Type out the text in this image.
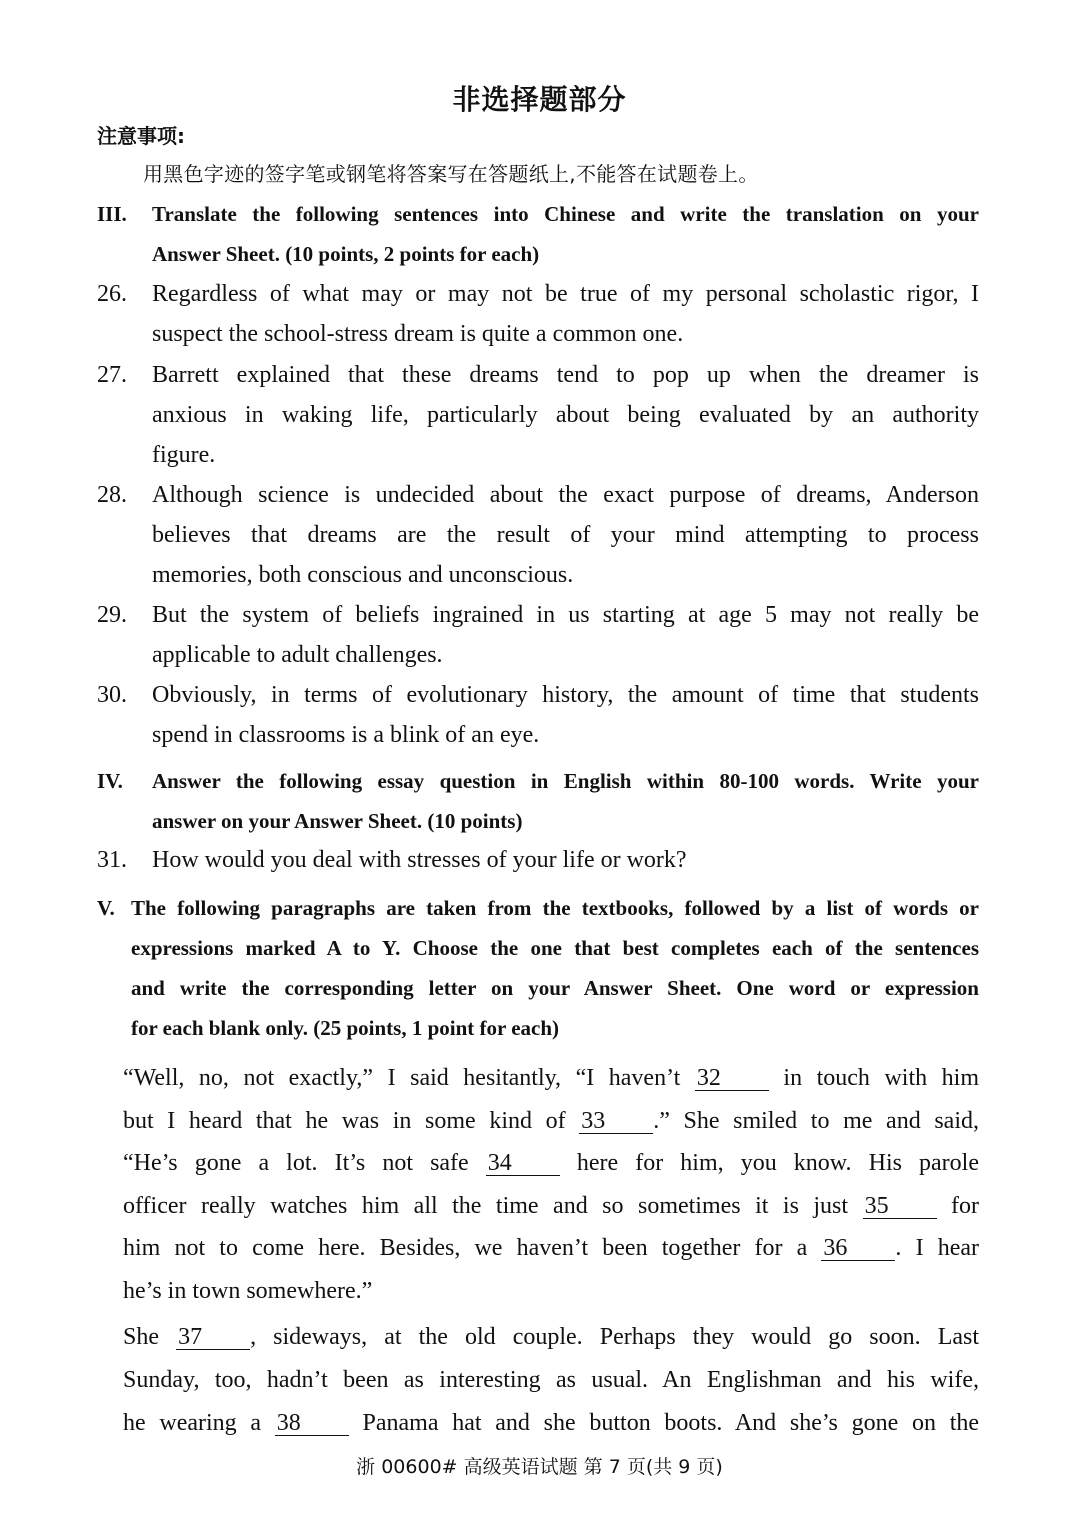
非选择题部分
注意事项:
用黑色字迹的签字笔或钢笔将答案写在答题纸上,不能答在试题卷上。
III. Translate the following sentences into Chinese and write the translation on your
Answer Sheet. (10 points, 2 points for each)
26. Regardless of what may or may not be true of my personal scholastic rigor, I
suspect the school-stress dream is quite a common one.
27. Barrett explained that these dreams tend to pop up when the dreamer is
anxious in waking life, particularly about being evaluated by an authority
figure.
28. Although science is undecided about the exact purpose of dreams, Anderson
believes that dreams are the result of your mind attempting to process
memories, both conscious and unconscious.
29. But the system of beliefs ingrained in us starting at age 5 may not really be
applicable to adult challenges.
30. Obviously, in terms of evolutionary history, the amount of time that students
spend in classrooms is a blink of an eye.
IV. Answer the following essay question in English within 80-100 words. Write your
answer on your Answer Sheet. (10 points)
31. How would you deal with stresses of your life or work?
V. The following paragraphs are taken from the textbooks, followed by a list of words or
expressions marked A to Y. Choose the one that best completes each of the sentences
and write the corresponding letter on your Answer Sheet. One word or expression
for each blank only. (25 points, 1 point for each)
“Well, no, not exactly,” I said hesitantly, “I haven’t 32	in touch with him
but I heard that he was in some kind of 33 .” She smiled to me and said,
“He’s gone a lot. It’s not safe 34	here for him, you know. His parole
officer really watches him all the time and so sometimes it is just 35	for
him not to come here. Besides, we haven’t been together for a 36 . I hear
he’s in town somewhere.”
She 37 , sideways, at the old couple. Perhaps they would go soon. Last
Sunday, too, hadn’t been as interesting as usual. An Englishman and his wife,
he wearing a 38	Panama hat and she button boots. And she’s gone on the
浙 00600# 高级英语试题 第 7 页(共 9 页)
